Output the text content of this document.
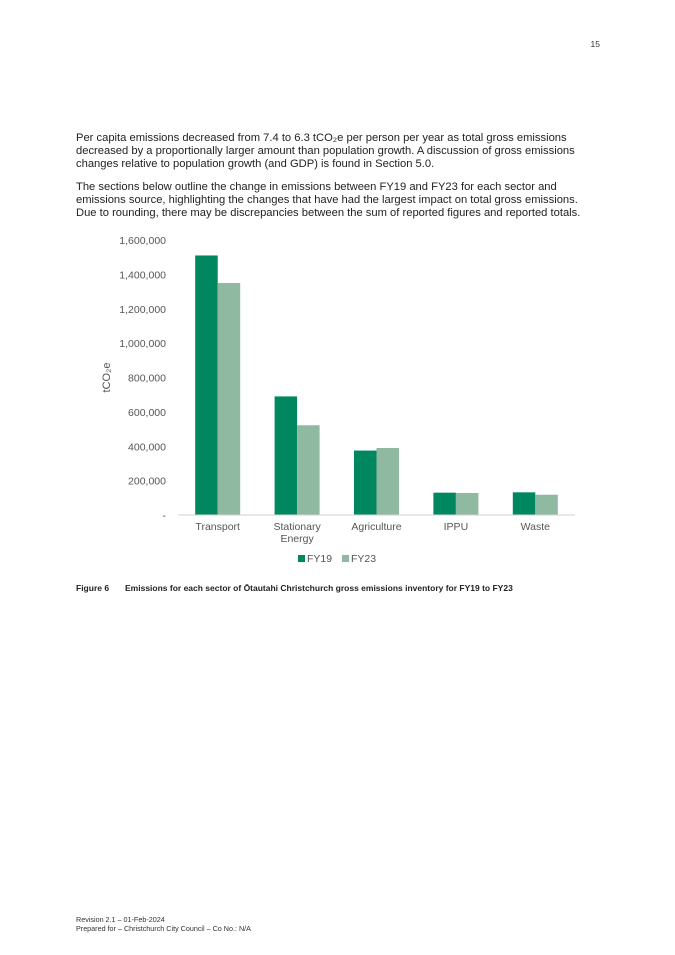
15

Per capita emissions decreased from 7.4 to 6.3 tCO₂e per person per year as total gross emissions decreased by a proportionally larger amount than population growth. A discussion of gross emissions changes relative to population growth (and GDP) is found in Section 5.0.

The sections below outline the change in emissions between FY19 and FY23 for each sector and emissions source, highlighting the changes that have had the largest impact on total gross emissions. Due to rounding, there may be discrepancies between the sum of reported figures and reported totals.

-
200,000
400,000
600,000
800,000
1,000,000
1,200,000
1,400,000
1,600,000
tCO₂e
Transport	Stationary
Energy
Agriculture	IPPU	Waste
FY19 FY23
Figure 6 Emissions for each sector of Ōtautahi Christchurch gross emissions inventory for FY19 to FY23
Revision 2.1 – 01-Feb-2024
Prepared for – Christchurch City Council – Co No.: N/A
